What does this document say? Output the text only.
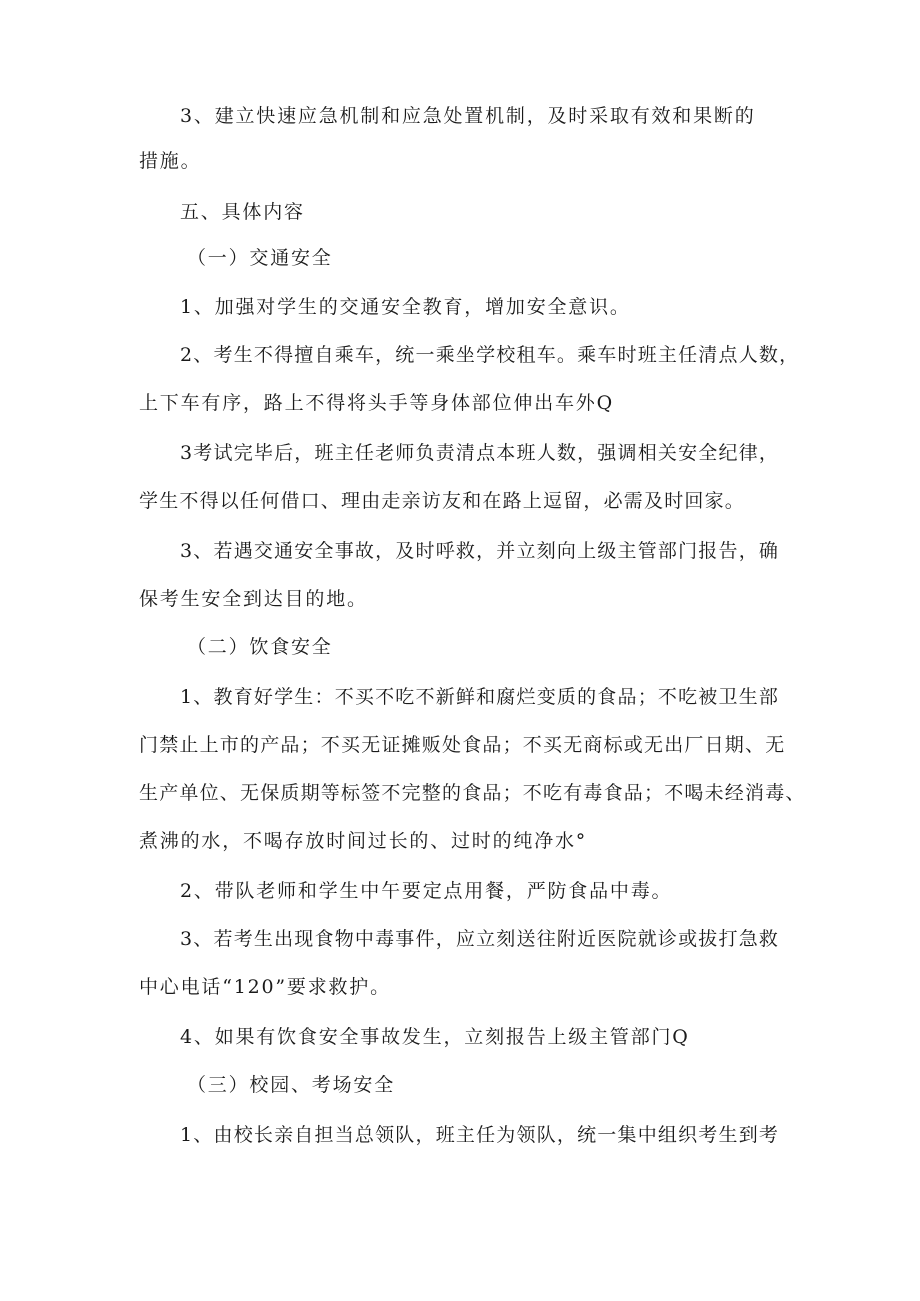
3、建立快速应急机制和应急处置机制，及时采取有效和果断的
措施。
五、具体内容
（一）交通安全
1、加强对学生的交通安全教育，增加安全意识。
2、考生不得擅自乘车，统一乘坐学校租车。乘车时班主任清点人数，
上下车有序，路上不得将头手等身体部位伸出车外Q
3考试完毕后，班主任老师负责清点本班人数，强调相关安全纪律，
学生不得以任何借口、理由走亲访友和在路上逗留，必需及时回家。
3、若遇交通安全事故，及时呼救，并立刻向上级主管部门报告，确
保考生安全到达目的地。
（二）饮食安全
1、教育好学生：不买不吃不新鲜和腐烂变质的食品；不吃被卫生部
门禁止上市的产品；不买无证摊贩处食品；不买无商标或无出厂日期、无
生产单位、无保质期等标签不完整的食品；不吃有毒食品；不喝未经消毒、
煮沸的水，不喝存放时间过长的、过时的纯净水°
2、带队老师和学生中午要定点用餐，严防食品中毒。
3、若考生出现食物中毒事件，应立刻送往附近医院就诊或拔打急救
中心电话“120”要求救护。
4、如果有饮食安全事故发生，立刻报告上级主管部门Q
（三）校园、考场安全
1、由校长亲自担当总领队，班主任为领队，统一集中组织考生到考
